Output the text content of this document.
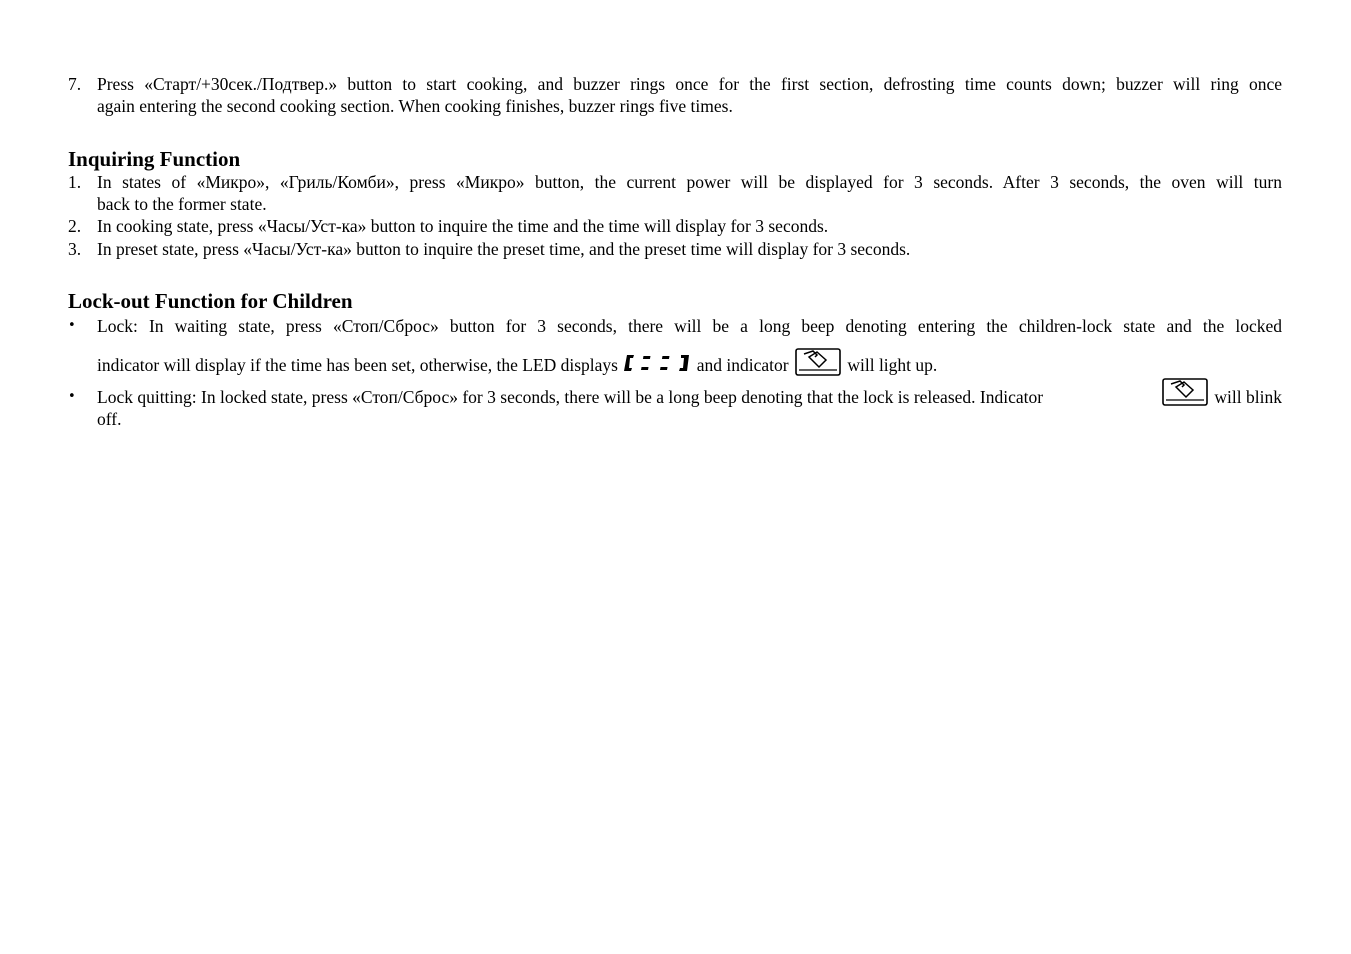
7. Press «Старт/+30сек./Подтвер.» button to start cooking, and buzzer rings once for the first section, defrosting time counts down; buzzer will ring once
again entering the second cooking section. When cooking finishes, buzzer rings five times.
Inquiring Function
1. In states of «Микро», «Гриль/Комби», press «Микро» button, the current power will be displayed for 3 seconds. After 3 seconds, the oven will turn
back to the former state.
2. In cooking state, press «Часы/Уст-ка» button to inquire the time and the time will display for 3 seconds.
3. In preset state, press «Часы/Уст-ка» button to inquire the preset time, and the preset time will display for 3 seconds.
Lock-out Function for Children
•	Lock: In waiting state, press «Стоп/Сброс» button for 3 seconds, there will be a long beep denoting entering the children-lock state and the locked
indicator will display if the time has been set, otherwise, the LED displays	and indicator	will light up.
•	Lock quitting: In locked state, press «Стоп/Сброс» for 3 seconds, there will be a long beep denoting that the lock is released. Indicator	will blink
off.
